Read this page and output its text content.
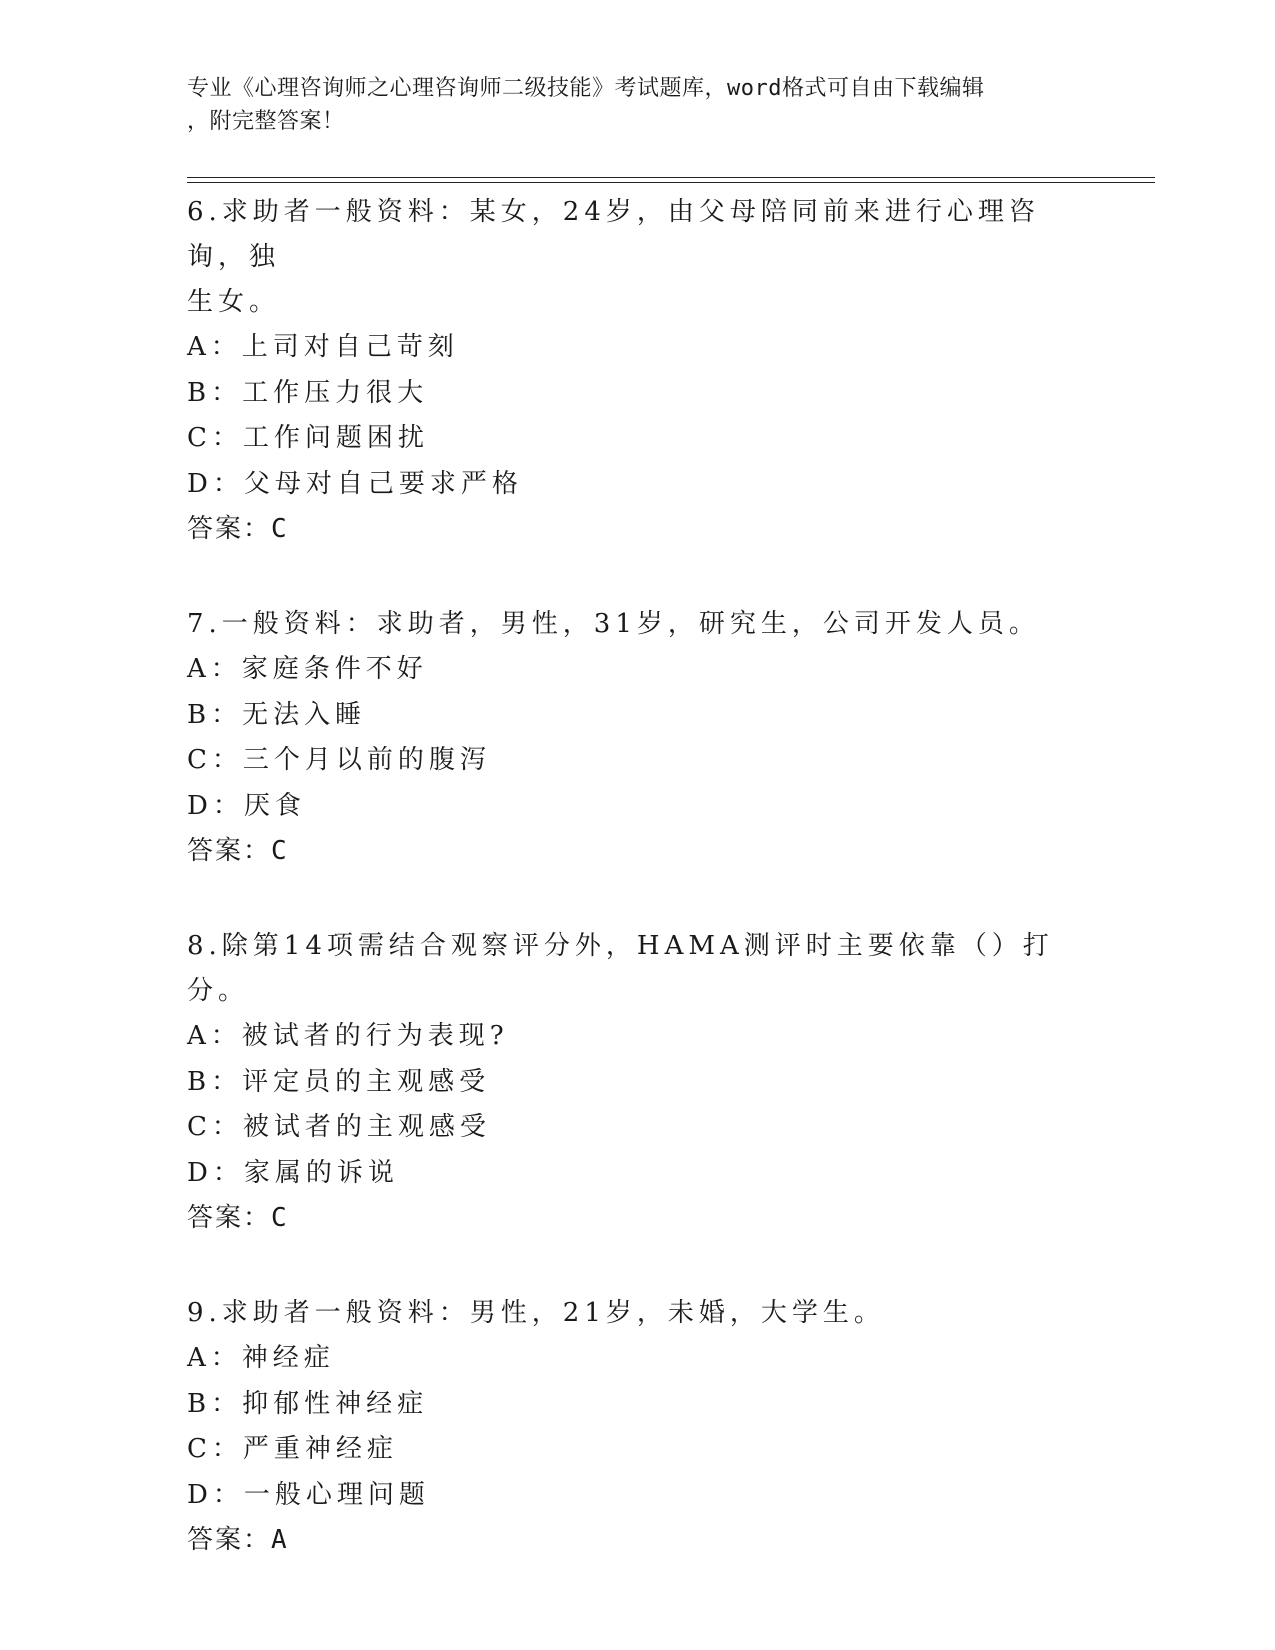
专业《心理咨询师之心理咨询师二级技能》考试题库，word格式可自由下载编辑
，附完整答案！

6.求助者一般资料：某女，24岁，由父母陪同前来进行心理咨询，独

生女。

A：上司对自己苛刻

B：工作压力很大

C：工作问题困扰

D：父母对自己要求严格

答案：C

7.一般资料：求助者，男性，31岁，研究生，公司开发人员。

A：家庭条件不好

B：无法入睡

C：三个月以前的腹泻

D：厌食

答案：C

8.除第14项需结合观察评分外，HAMA测评时主要依靠（）打分。

A：被试者的行为表现?

B：评定员的主观感受

C：被试者的主观感受

D：家属的诉说

答案：C

9.求助者一般资料：男性，21岁，未婚，大学生。

A：神经症

B：抑郁性神经症

C：严重神经症

D：一般心理问题

答案：A
